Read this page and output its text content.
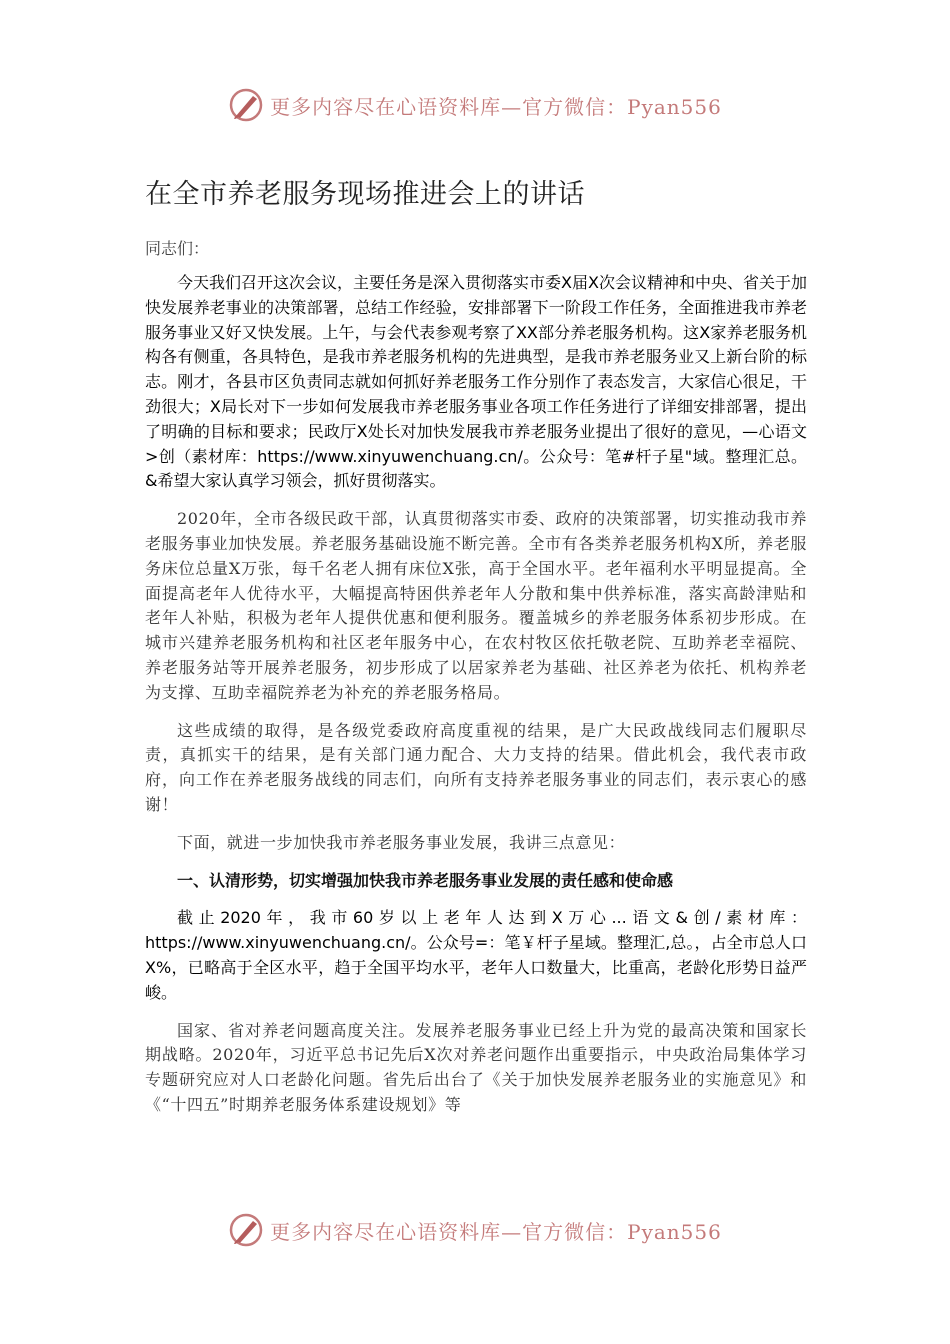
更多内容尽在心语资料库—官方微信：Pyan556
在全市养老服务现场推进会上的讲话

同志们：

今天我们召开这次会议，主要任务是深入贯彻落实市委X届X次会议精神和中央、省关于加快发展养老事业的决策部署，总结工作经验，安排部署下一阶段工作任务，全面推进我市养老服务事业又好又快发展。上午，与会代表参观考察了XX部分养老服务机构。这X家养老服务机构各有侧重，各具特色，是我市养老服务机构的先进典型，是我市养老服务业又上新台阶的标志。刚才，各县市区负责同志就如何抓好养老服务工作分别作了表态发言，大家信心很足，干劲很大；X局长对下一步如何发展我市养老服务事业各项工作任务进行了详细安排部署，提出了明确的目标和要求；民政厅X处长对加快发展我市养老服务业提出了很好的意见，—心语文>创（素材库：https://www.xinyuwenchuang.cn/。公众号：笔#杆子星"域。整理汇总。&希望大家认真学习领会，抓好贯彻落实。

2020年，全市各级民政干部，认真贯彻落实市委、政府的决策部署，切实推动我市养老服务事业加快发展。养老服务基础设施不断完善。全市有各类养老服务机构X所，养老服务床位总量X万张，每千名老人拥有床位X张，高于全国水平。老年福利水平明显提高。全面提高老年人优待水平，大幅提高特困供养老年人分散和集中供养标准，落实高龄津贴和老年人补贴，积极为老年人提供优惠和便利服务。覆盖城乡的养老服务体系初步形成。在城市兴建养老服务机构和社区老年服务中心，在农村牧区依托敬老院、互助养老幸福院、养老服务站等开展养老服务，初步形成了以居家养老为基础、社区养老为依托、机构养老为支撑、互助幸福院养老为补充的养老服务格局。

这些成绩的取得，是各级党委政府高度重视的结果，是广大民政战线同志们履职尽责，真抓实干的结果，是有关部门通力配合、大力支持的结果。借此机会，我代表市政府，向工作在养老服务战线的同志们，向所有支持养老服务事业的同志们，表示衷心的感谢！

下面，就进一步加快我市养老服务事业发展，我讲三点意见：

一、认清形势，切实增强加快我市养老服务事业发展的责任感和使命感

截止2020年，我市60岁以上老年人达到X万心...语文&创/素材库：https://www.xinyuwenchuang.cn/。公众号=：笔￥杆子星域。整理汇,总。，占全市总人口X%，已略高于全区水平，趋于全国平均水平，老年人口数量大，比重高，老龄化形势日益严峻。

国家、省对养老问题高度关注。发展养老服务事业已经上升为党的最高决策和国家长期战略。2020年，习近平总书记先后X次对养老问题作出重要指示，中央政治局集体学习专题研究应对人口老龄化问题。省先后出台了《关于加快发展养老服务业的实施意见》和《“十四五”时期养老服务体系建设规划》等

更多内容尽在心语资料库—官方微信：Pyan556
